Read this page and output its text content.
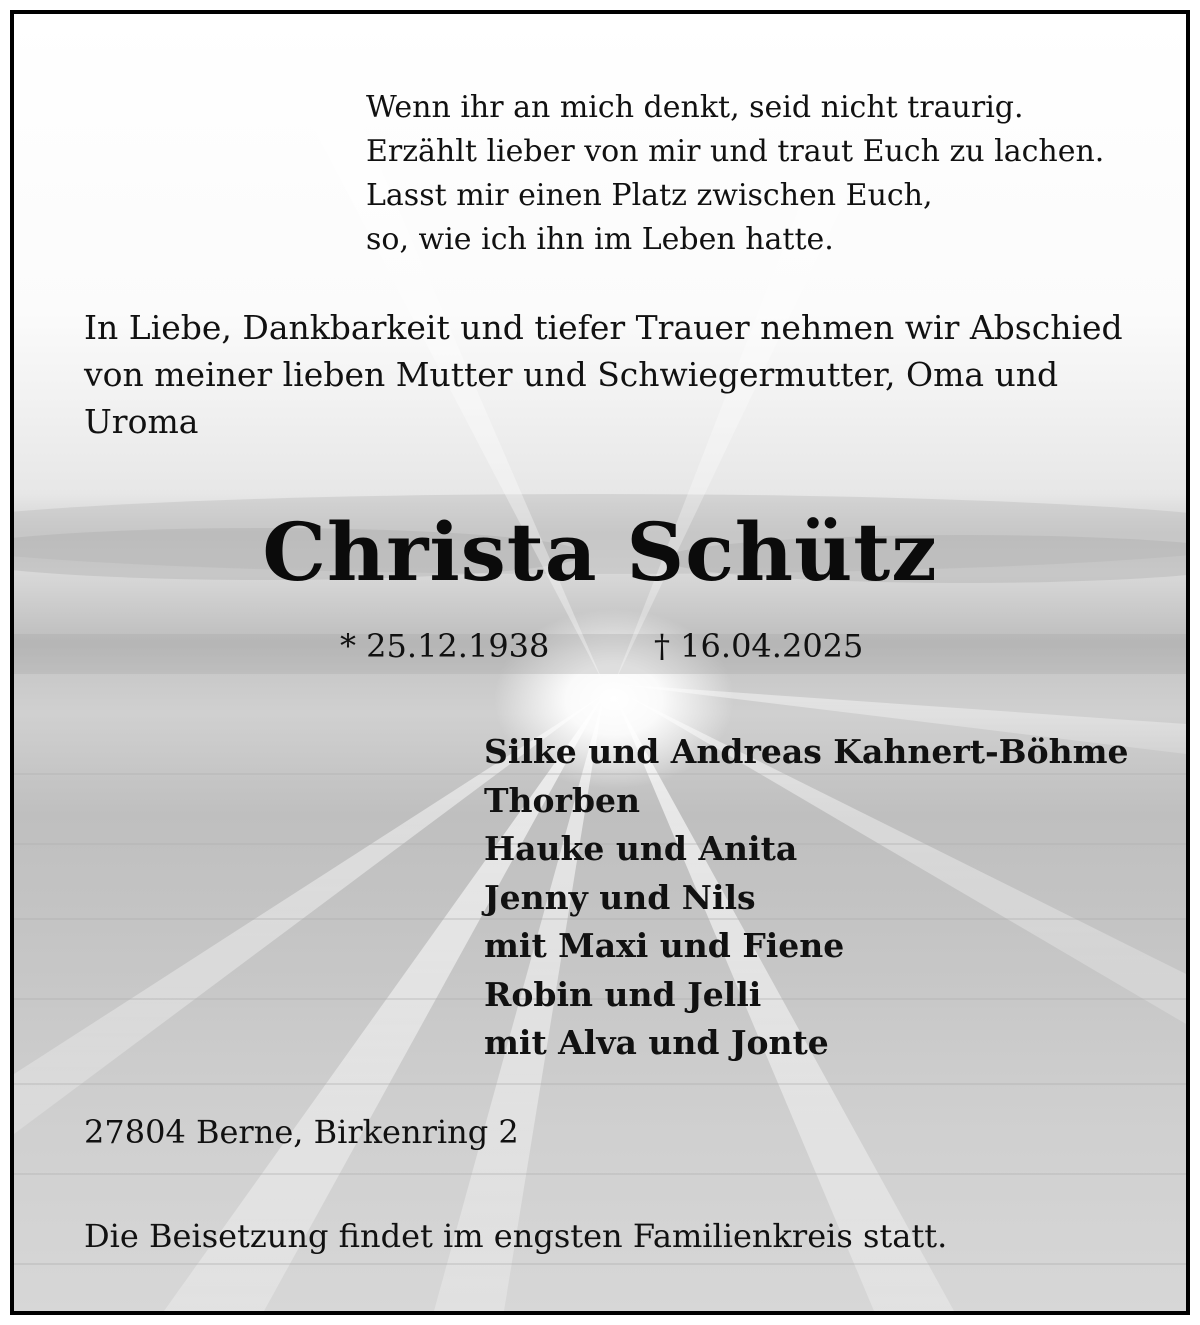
Wenn ihr an mich denkt, seid nicht traurig.
Erzählt lieber von mir und traut Euch zu lachen.
Lasst mir einen Platz zwischen Euch,
so, wie ich ihn im Leben hatte.
In Liebe, Dankbarkeit und tiefer Trauer nehmen wir Abschied
von meiner lieben Mutter und Schwiegermutter, Oma und
Uroma
Christa Schütz
* 25.12.1938	† 16.04.2025
Silke und Andreas Kahnert-Böhme
Thorben
Hauke und Anita
Jenny und Nils
mit Maxi und Fiene
Robin und Jelli
mit Alva und Jonte
27804 Berne, Birkenring 2
Die Beisetzung findet im engsten Familienkreis statt.
